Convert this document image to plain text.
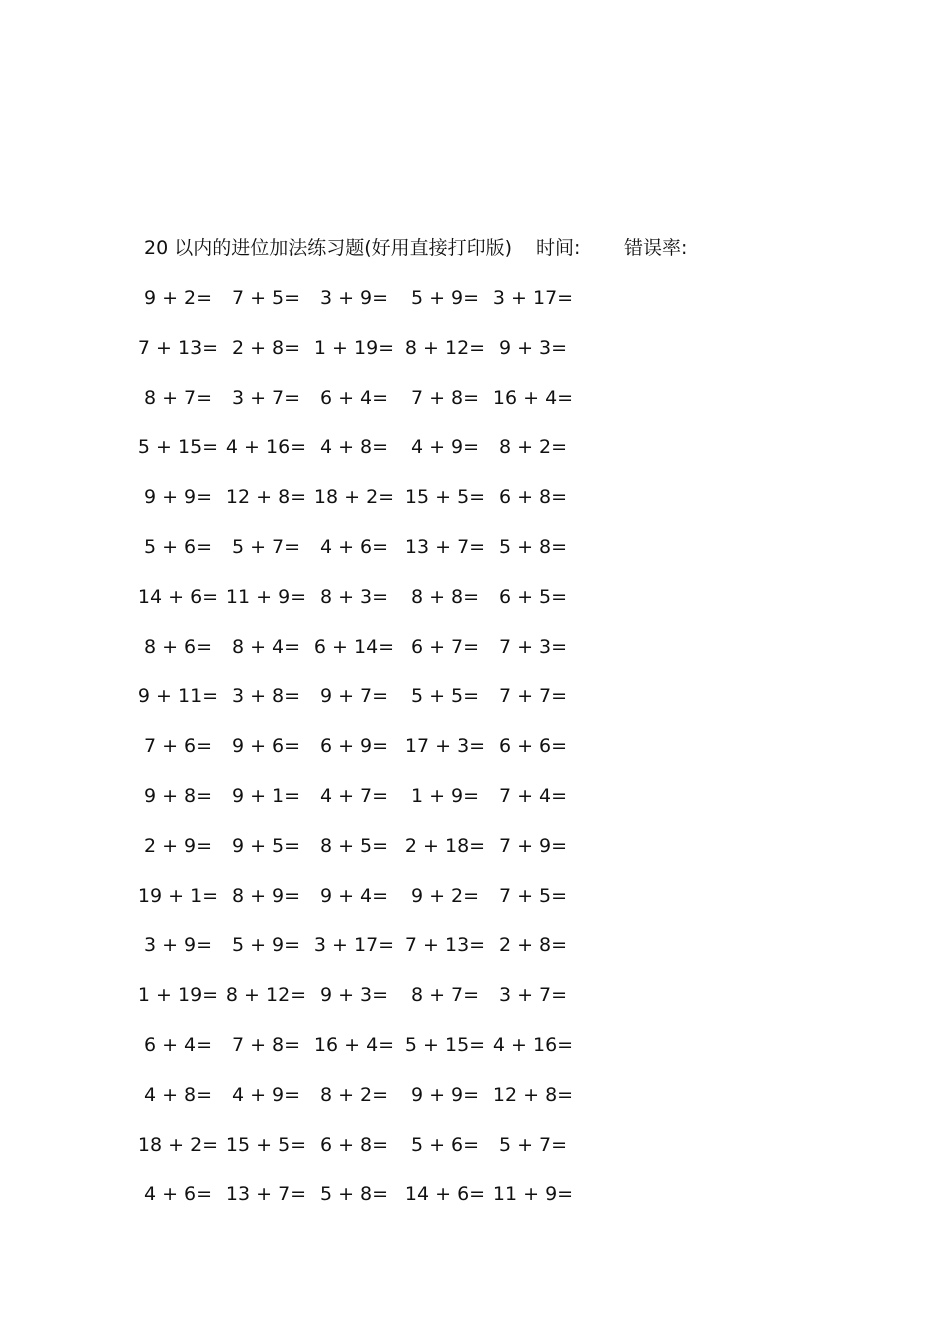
20 以内的进位加法练习题(好用直接打印版) 时间: 错误率:
9 + 2= 7 + 5= 3 + 9= 5 + 9= 3 + 17=
7 + 13= 2 + 8= 1 + 19= 8 + 12= 9 + 3=
8 + 7= 3 + 7= 6 + 4= 7 + 8= 16 + 4=
5 + 15= 4 + 16= 4 + 8= 4 + 9= 8 + 2=
9 + 9= 12 + 8= 18 + 2= 15 + 5= 6 + 8=
5 + 6= 5 + 7= 4 + 6= 13 + 7= 5 + 8=
14 + 6= 11 + 9= 8 + 3= 8 + 8= 6 + 5=
8 + 6= 8 + 4= 6 + 14= 6 + 7= 7 + 3=
9 + 11= 3 + 8= 9 + 7= 5 + 5= 7 + 7=
7 + 6= 9 + 6= 6 + 9= 17 + 3= 6 + 6=
9 + 8= 9 + 1= 4 + 7= 1 + 9= 7 + 4=
2 + 9= 9 + 5= 8 + 5= 2 + 18= 7 + 9=
19 + 1= 8 + 9= 9 + 4= 9 + 2= 7 + 5=
3 + 9= 5 + 9= 3 + 17= 7 + 13= 2 + 8=
1 + 19= 8 + 12= 9 + 3= 8 + 7= 3 + 7=
6 + 4= 7 + 8= 16 + 4= 5 + 15= 4 + 16=
4 + 8= 4 + 9= 8 + 2= 9 + 9= 12 + 8=
18 + 2= 15 + 5= 6 + 8= 5 + 6= 5 + 7=
4 + 6= 13 + 7= 5 + 8= 14 + 6= 11 + 9=
